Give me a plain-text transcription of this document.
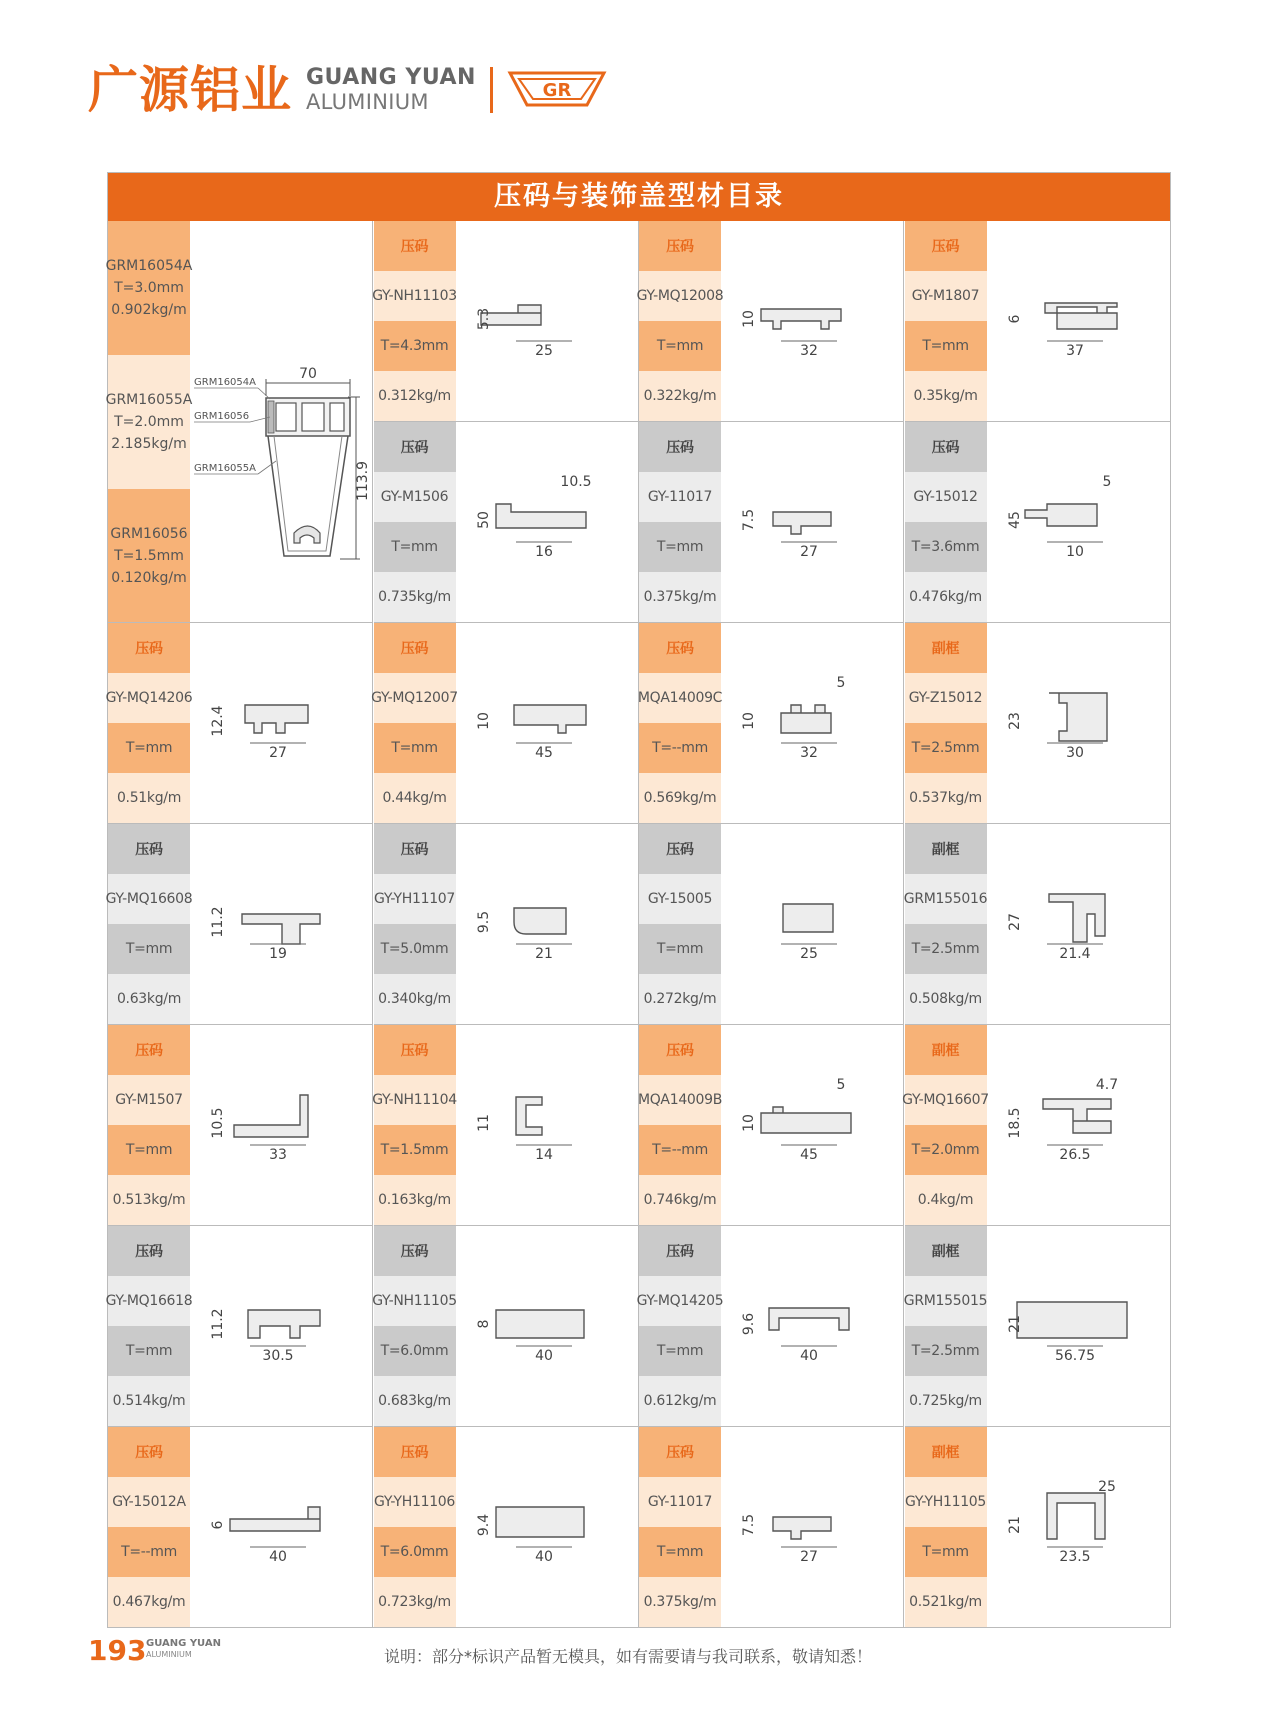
广源铝业 GUANG YUAN
ALUMINIUM	GR
压码与装饰盖型材目录
GRM16054A
T=3.0mm
0.902kg/m
GRM16055A
T=2.0mm
2.185kg/m
GRM16056
T=1.5mm
0.120kg/m
70
113.9
GRM16054A
GRM16056
GRM16055A
压码
GY-NH11103
T=4.3mm
0.312kg/m
25
5.3
压码
GY-MQ12008
T=mm
0.322kg/m
32
10
压码
GY-M1807
T=mm
0.35kg/m
37
6
压码
GY-M1506
T=mm
0.735kg/m
16
50
10.5
压码
GY-11017
T=mm
0.375kg/m
27
7.5
压码
GY-15012
T=3.6mm
0.476kg/m
10
45
5
压码
GY-MQ14206
T=mm
0.51kg/m
27
12.4
压码
GY-MQ12007
T=mm
0.44kg/m
45
10
压码
MQA14009C
T=--mm
0.569kg/m
32
10
5
副框
GY-Z15012
T=2.5mm
0.537kg/m
30
23
压码
GY-MQ16608
T=mm
0.63kg/m
19
11.2
压码
GY-YH11107
T=5.0mm
0.340kg/m
21
9.5
压码
GY-15005
T=mm
0.272kg/m
25
副框
GRM155016
T=2.5mm
0.508kg/m
21.4
27
压码
GY-M1507
T=mm
0.513kg/m
33
10.5
压码
GY-NH11104
T=1.5mm
0.163kg/m
14
11
压码
MQA14009B
T=--mm
0.746kg/m
45
10
5
副框
GY-MQ16607
T=2.0mm
0.4kg/m
26.5
18.5
4.7
压码
GY-MQ16618
T=mm
0.514kg/m
30.5
11.2
压码
GY-NH11105
T=6.0mm
0.683kg/m
40
8
压码
GY-MQ14205
T=mm
0.612kg/m
40
9.6
副框
GRM155015
T=2.5mm
0.725kg/m
56.75
21
压码
GY-15012A
T=--mm
0.467kg/m
40
6
压码
GY-YH11106
T=6.0mm
0.723kg/m
40
9.4
压码
GY-11017
T=mm
0.375kg/m
27
7.5
副框
GY-YH11105
T=mm
0.521kg/m
23.5
21
25
193 GUANG YUAN
ALUMINIUM	说明：部分*标识产品暂无模具，如有需要请与我司联系，敬请知悉！
